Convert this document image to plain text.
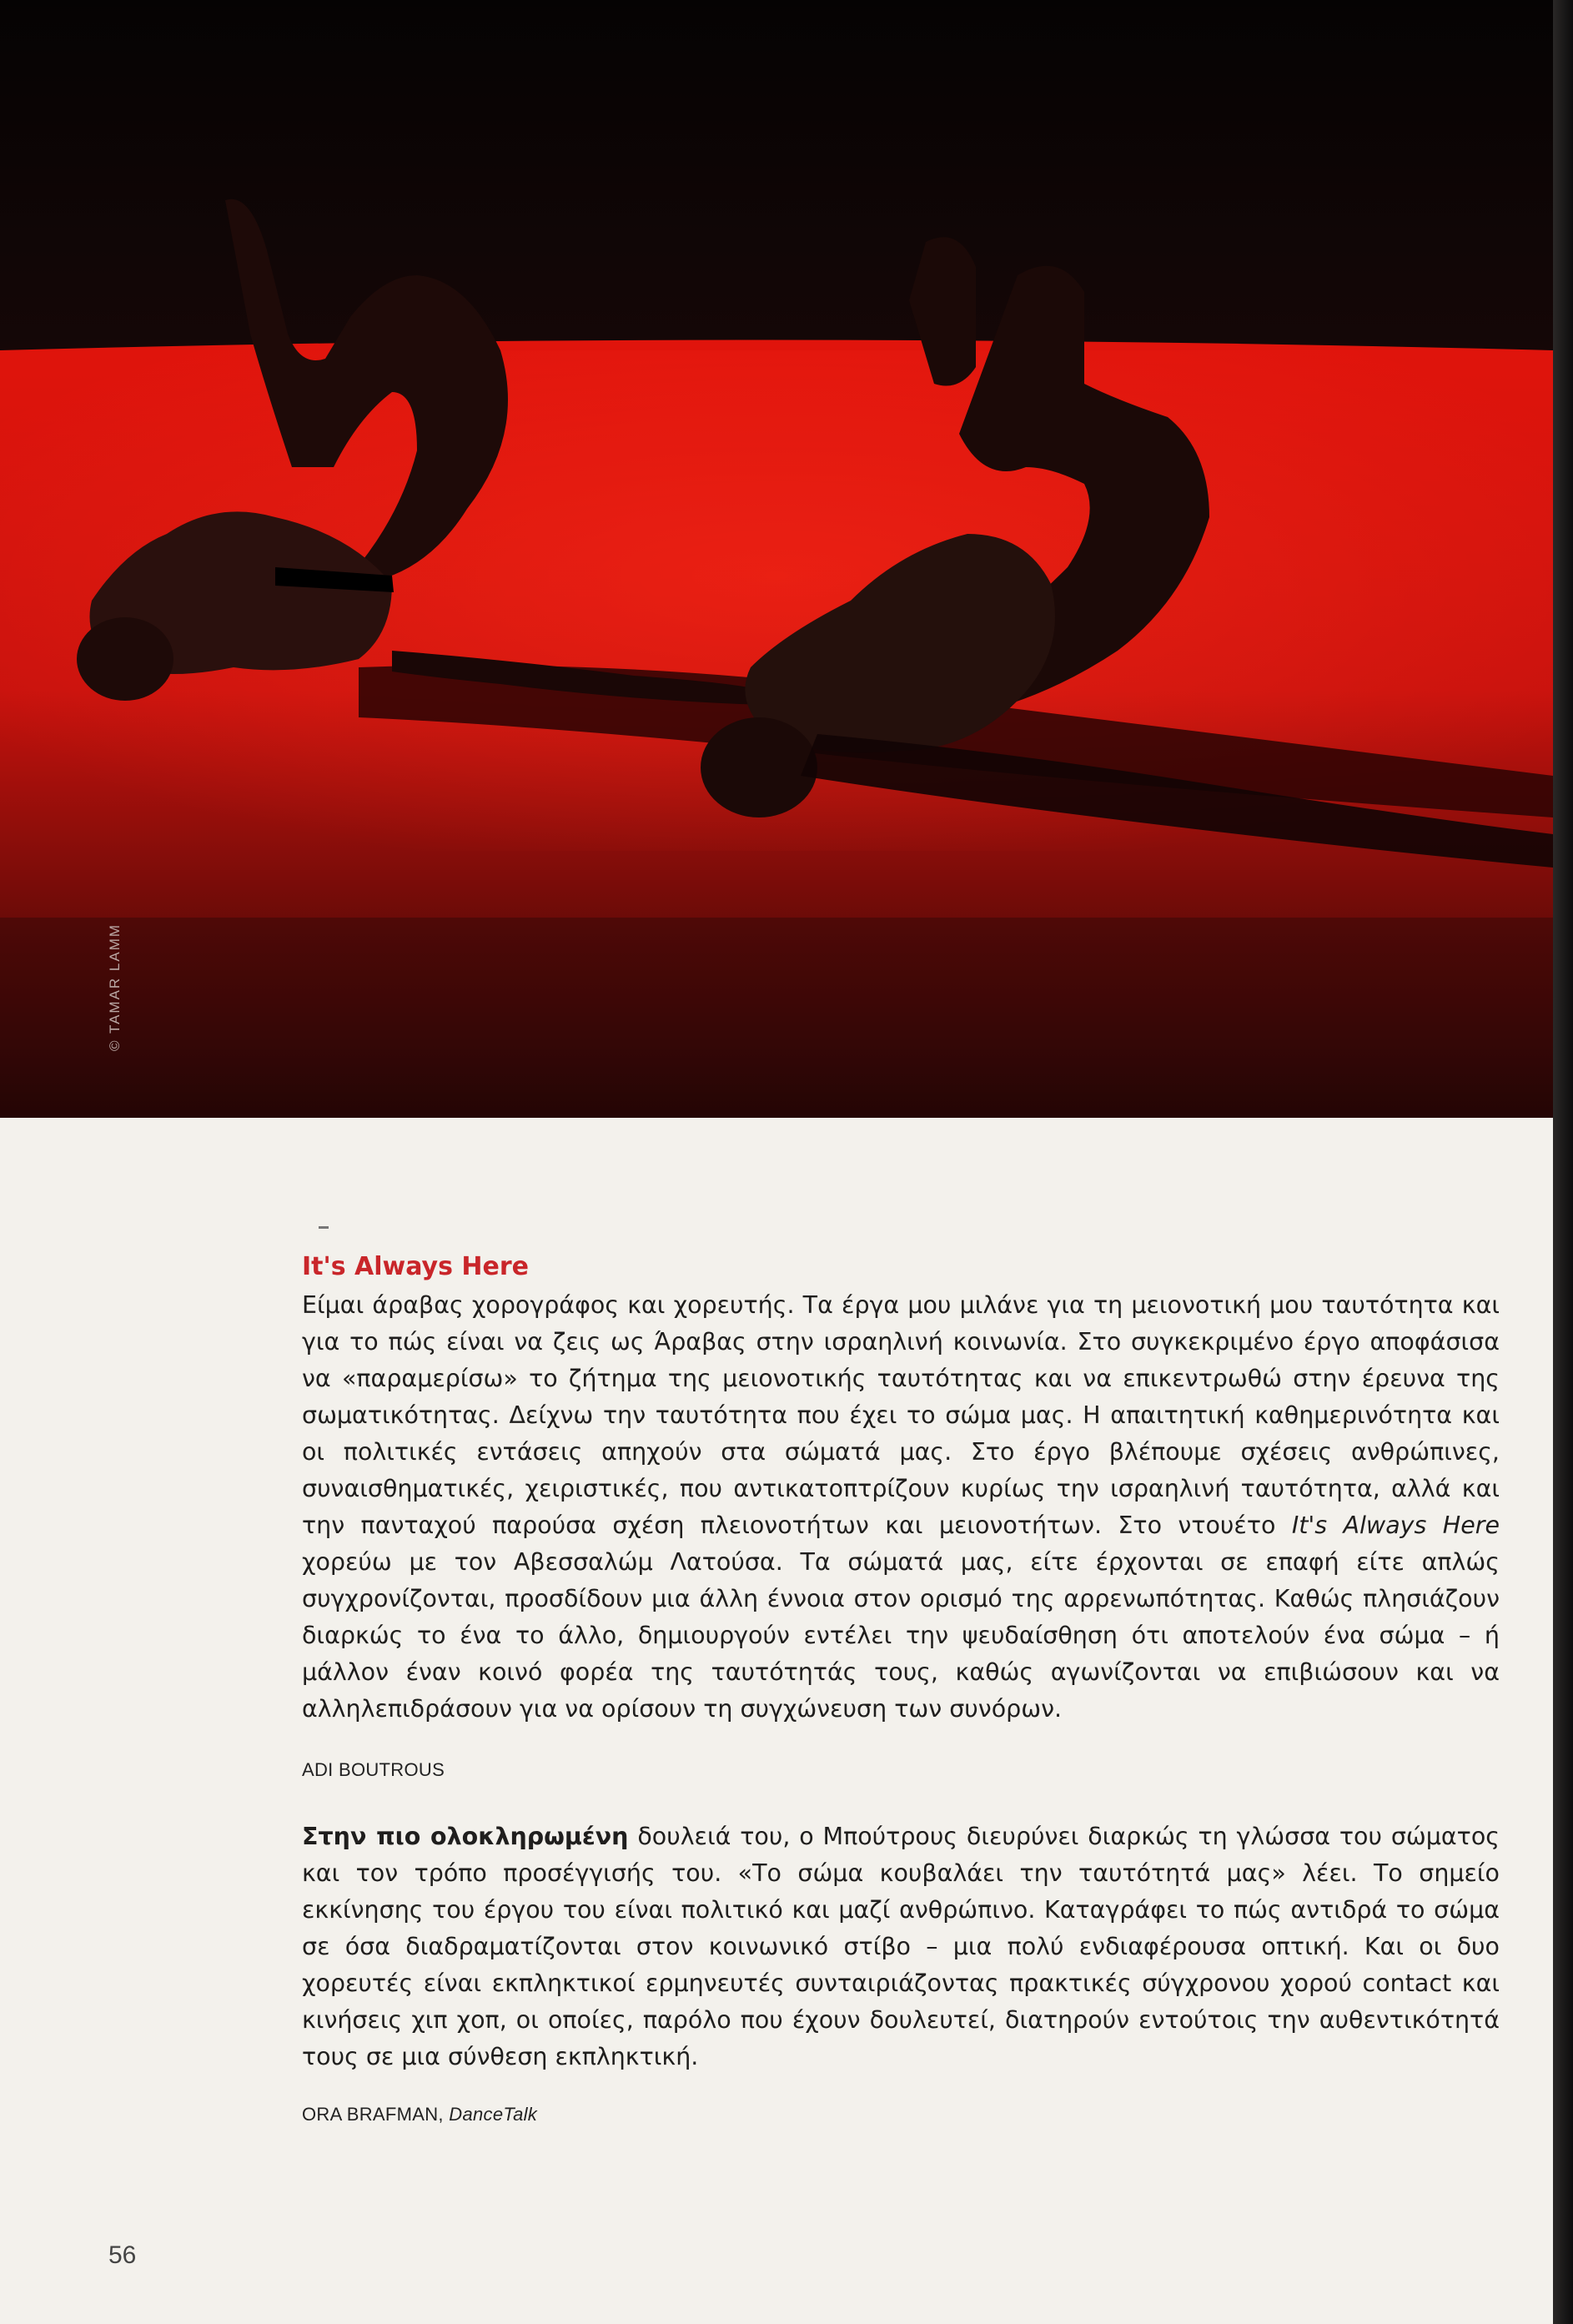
© TAMAR LAMM
It's Always Here

Είμαι άραβας χορογράφος και χορευτής. Τα έργα μου μιλάνε για τη μειονοτική μου ταυτότητα και για το πώς είναι να ζεις ως Άραβας στην ισραηλινή κοινωνία. Στο συγκεκριμένο έργο αποφάσισα να «παραμερίσω» το ζήτημα της μειονοτικής ταυτότητας και να επικεντρωθώ στην έρευνα της σωματικότητας. Δείχνω την ταυτότητα που έχει το σώμα μας. Η απαιτητική καθημερινότητα και οι πολιτικές εντάσεις απηχούν στα σώματά μας. Στο έργο βλέπουμε σχέσεις ανθρώπινες, συναισθηματικές, χειριστικές, που αντικατοπτρίζουν κυρίως την ισραηλινή ταυτότητα, αλλά και την πανταχού παρούσα σχέση πλειονοτήτων και μειονοτήτων. Στο ντουέτο It's Always Here χορεύω με τον Αβεσσαλώμ Λατούσα. Τα σώματά μας, είτε έρχονται σε επαφή είτε απλώς συγχρονίζονται, προσδίδουν μια άλλη έννοια στον ορισμό της αρρενωπότητας. Καθώς πλησιάζουν διαρκώς το ένα το άλλο, δημιουργούν εντέλει την ψευδαίσθηση ότι αποτελούν ένα σώμα – ή μάλλον έναν κοινό φορέα της ταυτότητάς τους, καθώς αγωνίζονται να επιβιώσουν και να αλληλεπιδράσουν για να ορίσουν τη συγχώνευση των συνόρων.

ADI BOUTROUS

Στην πιο ολοκληρωμένη δουλειά του, ο Μπούτρους διευρύνει διαρκώς τη γλώσσα του σώματος και τον τρόπο προσέγγισής του. «Το σώμα κουβαλάει την ταυτότητά μας» λέει. Το σημείο εκκίνησης του έργου του είναι πολιτικό και μαζί ανθρώπινο. Καταγράφει το πώς αντιδρά το σώμα σε όσα διαδραματίζονται στον κοινωνικό στίβο – μια πολύ ενδιαφέρουσα οπτική. Και οι δυο χορευτές είναι εκπληκτικοί ερμηνευτές συνταιριάζοντας πρακτικές σύγχρονου χορού contact και κινήσεις χιπ χοπ, οι οποίες, παρόλο που έχουν δουλευτεί, διατηρούν εντούτοις την αυθεντικότητά τους σε μια σύνθεση εκπληκτική.

ORA BRAFMAN, DanceTalk

56
